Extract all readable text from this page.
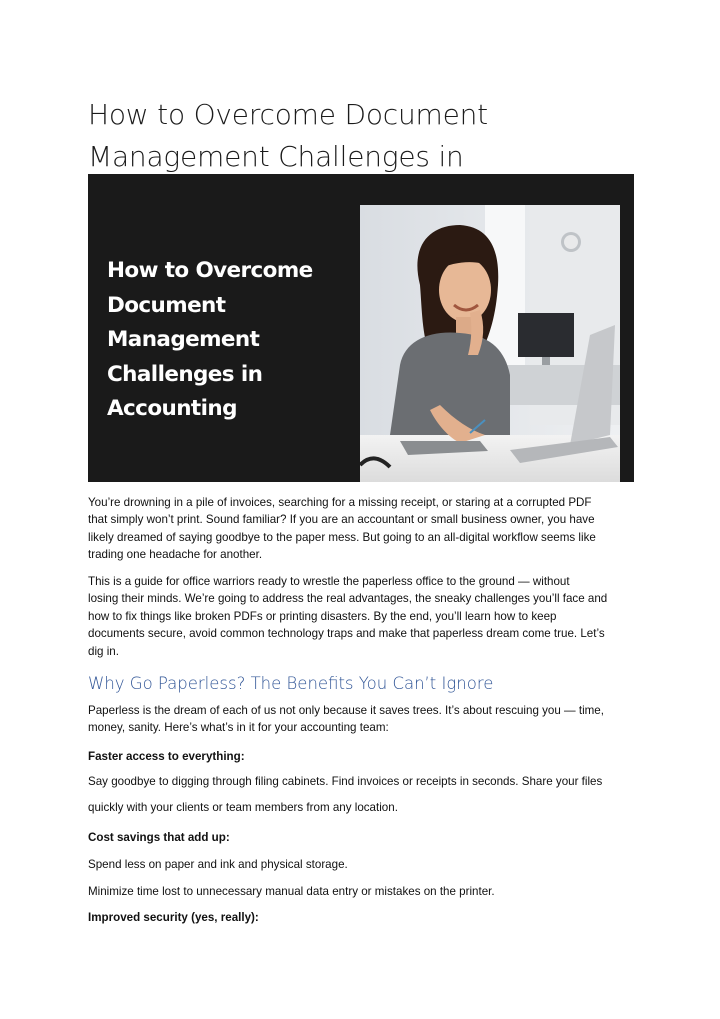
How to Overcome Document
Management Challenges in
How to Overcome
Document
Management
Challenges in
Accounting
You’re drowning in a pile of invoices, searching for a missing receipt, or staring at a corrupted PDF
that simply won’t print. Sound familiar? If you are an accountant or small business owner, you have
likely dreamed of saying goodbye to the paper mess. But going to an all-digital workflow seems like
trading one headache for another.
This is a guide for office warriors ready to wrestle the paperless office to the ground — without
losing their minds. We’re going to address the real advantages, the sneaky challenges you’ll face and
how to fix things like broken PDFs or printing disasters. By the end, you’ll learn how to keep
documents secure, avoid common technology traps and make that paperless dream come true. Let’s
dig in.
Why Go Paperless? The Benefits You Can’t Ignore
Paperless is the dream of each of us not only because it saves trees. It’s about rescuing you — time,
money, sanity. Here’s what’s in it for your accounting team:
Faster access to everything:
Say goodbye to digging through filing cabinets. Find invoices or receipts in seconds. Share your files
quickly with your clients or team members from any location.
Cost savings that add up:
Spend less on paper and ink and physical storage.
Minimize time lost to unnecessary manual data entry or mistakes on the printer.
Improved security (yes, really):
